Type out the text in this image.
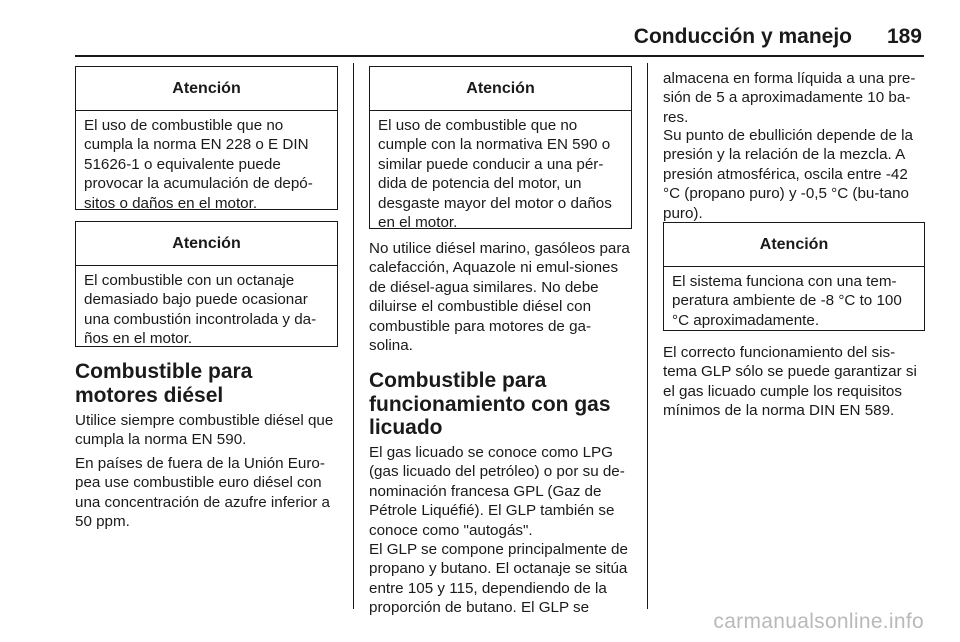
Conducción y manejo 189
Atención
El uso de combustible que no cumpla la norma EN 228 o E DIN 51626-1 o equivalente puede provocar la acumulación de depó-sitos o daños en el motor.
Atención
El combustible con un octanaje demasiado bajo puede ocasionar una combustión incontrolada y da-ños en el motor.
Combustible para motores diésel

Utilice siempre combustible diésel que cumpla la norma EN 590.

En países de fuera de la Unión Euro-pea use combustible euro diésel con una concentración de azufre inferior a 50 ppm.

Atención
El uso de combustible que no cumple con la normativa EN 590 o similar puede conducir a una pér-dida de potencia del motor, un desgaste mayor del motor o daños en el motor.

No utilice diésel marino, gasóleos para calefacción, Aquazole ni emul-siones de diésel-agua similares. No debe diluirse el combustible diésel con combustible para motores de ga-solina.

Combustible para funcionamiento con gas licuado

El gas licuado se conoce como LPG (gas licuado del petróleo) o por su de-nominación francesa GPL (Gaz de Pétrole Liquéfié). El GLP también se conoce como "autogás".

El GLP se compone principalmente de propano y butano. El octanaje se sitúa entre 105 y 115, dependiendo de la proporción de butano. El GLP se

almacena en forma líquida a una pre-sión de 5 a aproximadamente 10 ba-res.

Su punto de ebullición depende de la presión y la relación de la mezcla. A presión atmosférica, oscila entre -42 °C (propano puro) y -0,5 °C (bu-tano puro).

Atención
El sistema funciona con una tem-peratura ambiente de -8 °C to 100 °C aproximadamente.

El correcto funcionamiento del sis-tema GLP sólo se puede garantizar si el gas licuado cumple los requisitos mínimos de la norma DIN EN 589.

carmanualsonline.info
